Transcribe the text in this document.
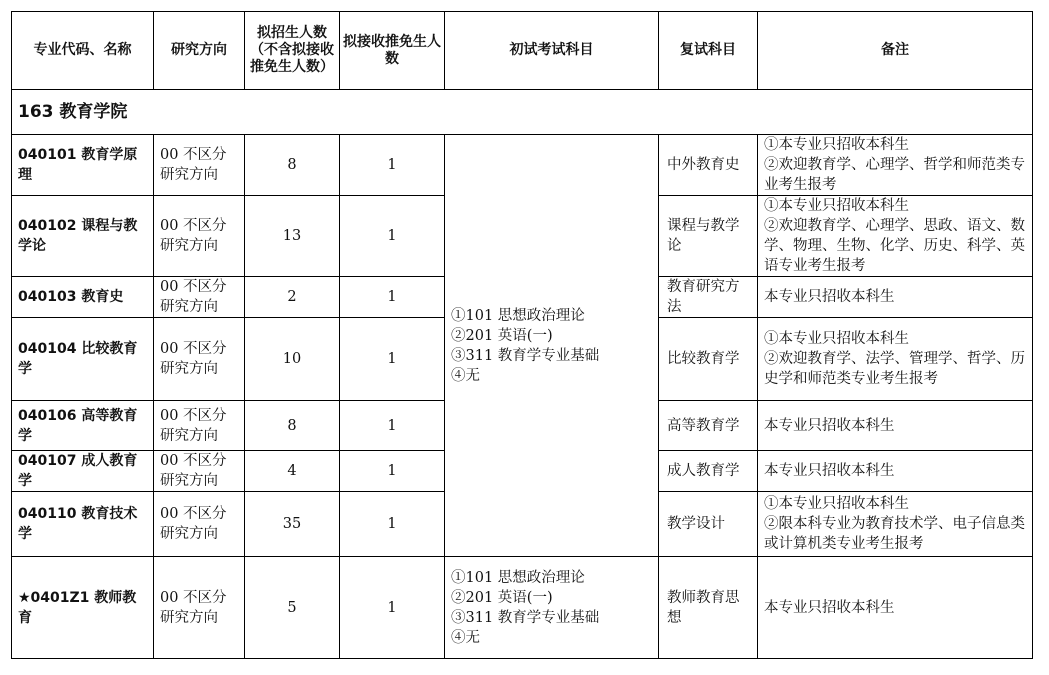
专业代码、名称	研究方向	拟招生人数（不含拟接收推免生人数）	拟接收推免生人数	初试考试科目	复试科目	备注
163 教育学院						
040101 教育学原理	00 不区分研究方向	8	1	①101 思想政治理论
②201 英语(一)
③311 教育学专业基础
④无	中外教育史	①本专业只招收本科生
②欢迎教育学、心理学、哲学和师范类专业考生报考

040102 课程与教学论	00 不区分研究方向	13	1		课程与教学论	①本专业只招收本科生
②欢迎教育学、心理学、思政、语文、数学、物理、生物、化学、历史、科学、英语专业考生报考

040103 教育史	00 不区分研究方向	2	1		教育研究方法	本专业只招收本科生

040104 比较教育学	00 不区分研究方向	10	1		比较教育学	①本专业只招收本科生
②欢迎教育学、法学、管理学、哲学、历史学和师范类专业考生报考

040106 高等教育学	00 不区分研究方向	8	1		高等教育学	本专业只招收本科生

040107 成人教育学	00 不区分研究方向	4	1		成人教育学	本专业只招收本科生

040110 教育技术学	00 不区分研究方向	35	1		教学设计	①本专业只招收本科生
②限本科专业为教育技术学、电子信息类或计算机类专业考生报考

★0401Z1 教师教育	00 不区分研究方向	5	1	①101 思想政治理论
②201 英语(一)
③311 教育学专业基础
④无	教师教育思想	本专业只招收本科生
